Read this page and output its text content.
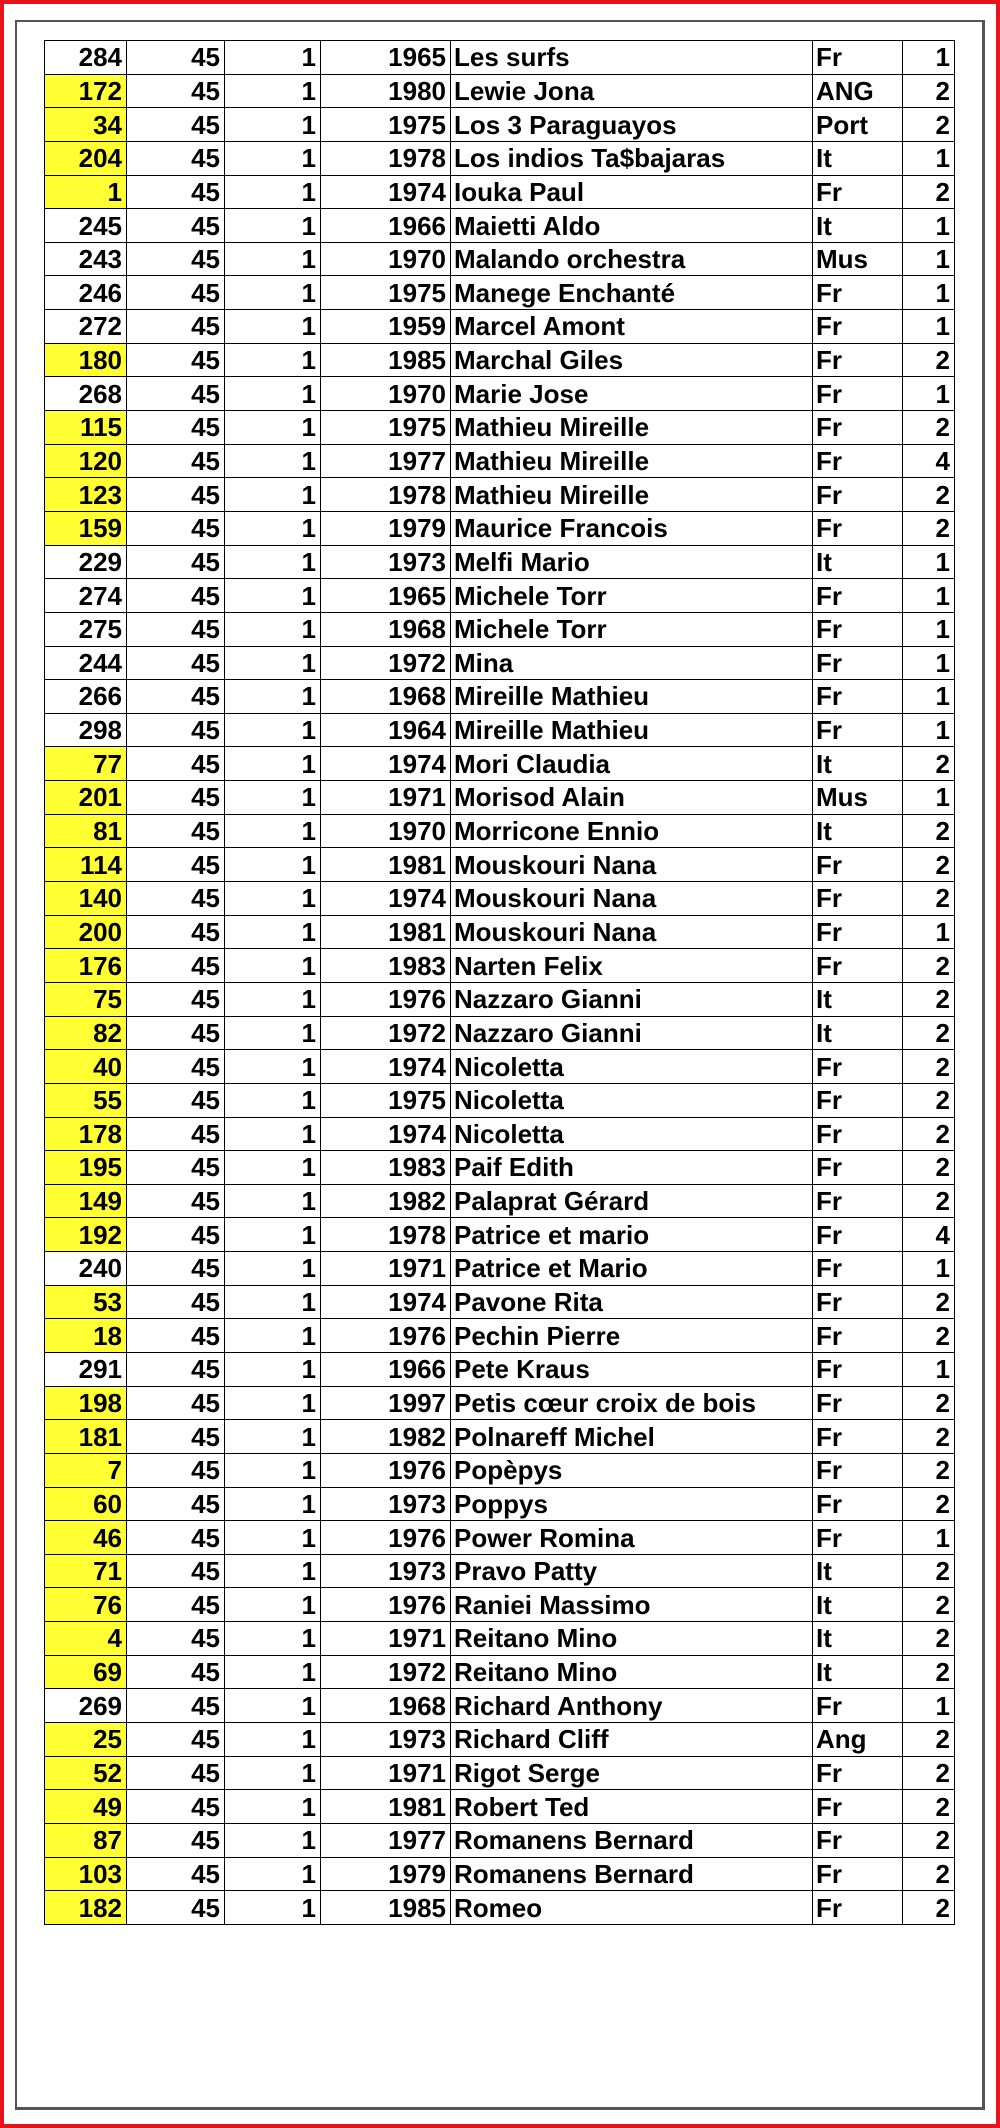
284	45	1	1965	Les surfs	Fr	1
172	45	1	1980	Lewie Jona	ANG	2
34	45	1	1975	Los 3 Paraguayos	Port	2
204	45	1	1978	Los indios Ta$bajaras	It	1
1	45	1	1974	Iouka Paul	Fr	2
245	45	1	1966	Maietti Aldo	It	1
243	45	1	1970	Malando orchestra	Mus	1
246	45	1	1975	Manege Enchanté	Fr	1
272	45	1	1959	Marcel Amont	Fr	1
180	45	1	1985	Marchal Giles	Fr	2
268	45	1	1970	Marie Jose	Fr	1
115	45	1	1975	Mathieu Mireille	Fr	2
120	45	1	1977	Mathieu Mireille	Fr	4
123	45	1	1978	Mathieu Mireille	Fr	2
159	45	1	1979	Maurice Francois	Fr	2
229	45	1	1973	Melfi Mario	It	1
274	45	1	1965	Michele Torr	Fr	1
275	45	1	1968	Michele Torr	Fr	1
244	45	1	1972	Mina	Fr	1
266	45	1	1968	Mireille Mathieu	Fr	1
298	45	1	1964	Mireille Mathieu	Fr	1
77	45	1	1974	Mori Claudia	It	2
201	45	1	1971	Morisod Alain	Mus	1
81	45	1	1970	Morricone Ennio	It	2
114	45	1	1981	Mouskouri Nana	Fr	2
140	45	1	1974	Mouskouri Nana	Fr	2
200	45	1	1981	Mouskouri Nana	Fr	1
176	45	1	1983	Narten Felix	Fr	2
75	45	1	1976	Nazzaro Gianni	It	2
82	45	1	1972	Nazzaro Gianni	It	2
40	45	1	1974	Nicoletta	Fr	2
55	45	1	1975	Nicoletta	Fr	2
178	45	1	1974	Nicoletta	Fr	2
195	45	1	1983	Paif Edith	Fr	2
149	45	1	1982	Palaprat Gérard	Fr	2
192	45	1	1978	Patrice et mario	Fr	4
240	45	1	1971	Patrice et Mario	Fr	1
53	45	1	1974	Pavone Rita	Fr	2
18	45	1	1976	Pechin Pierre	Fr	2
291	45	1	1966	Pete Kraus	Fr	1
198	45	1	1997	Petis cœur croix de bois	Fr	2
181	45	1	1982	Polnareff Michel	Fr	2
7	45	1	1976	Popèpys	Fr	2
60	45	1	1973	Poppys	Fr	2
46	45	1	1976	Power Romina	Fr	1
71	45	1	1973	Pravo Patty	It	2
76	45	1	1976	Raniei Massimo	It	2
4	45	1	1971	Reitano Mino	It	2
69	45	1	1972	Reitano Mino	It	2
269	45	1	1968	Richard Anthony	Fr	1
25	45	1	1973	Richard Cliff	Ang	2
52	45	1	1971	Rigot Serge	Fr	2
49	45	1	1981	Robert Ted	Fr	2
87	45	1	1977	Romanens Bernard	Fr	2
103	45	1	1979	Romanens Bernard	Fr	2
182	45	1	1985	Romeo	Fr	2
